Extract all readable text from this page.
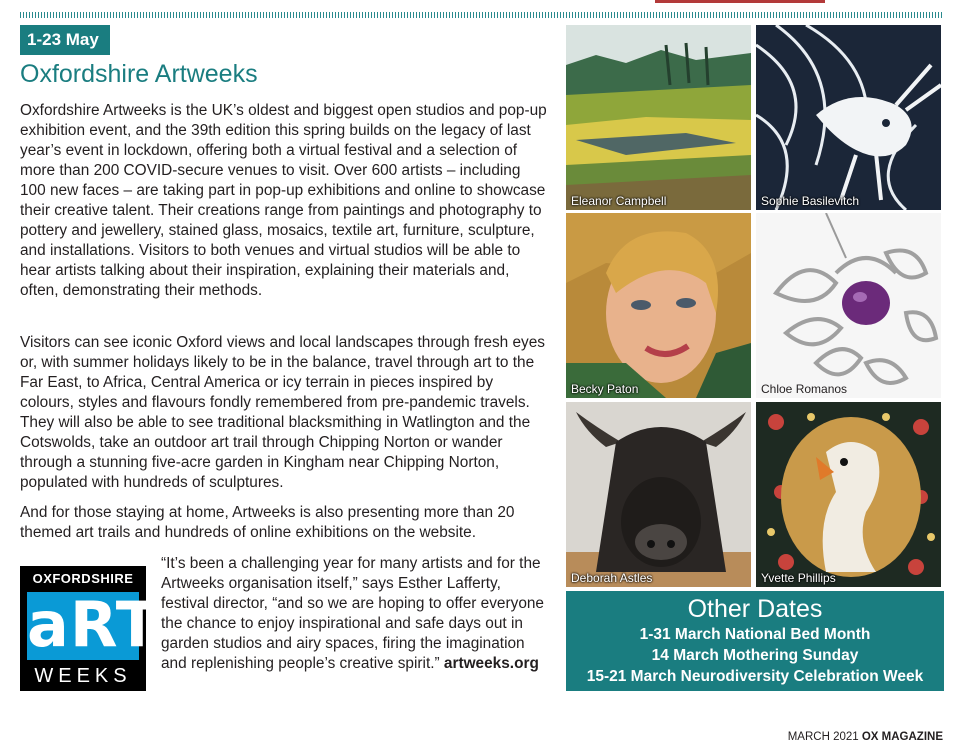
1-23 May
Oxfordshire Artweeks

Oxfordshire Artweeks is the UK’s oldest and biggest open studios and pop-up exhibition event, and the 39th edition this spring builds on the legacy of last year’s event in lockdown, offering both a virtual festival and a selection of more than 200 COVID-secure venues to visit. Over 600 artists – including 100 new faces – are taking part in pop-up exhibitions and online to showcase their creative talent. Their creations range from paintings and photography to pottery and jewellery, stained glass, mosaics, textile art, furniture, sculpture, and installations. Visitors to both venues and virtual studios will be able to hear artists talking about their inspiration, explaining their materials and, often, demonstrating their methods.

Visitors can see iconic Oxford views and local landscapes through fresh eyes or, with summer holidays likely to be in the balance, travel through art to the Far East, to Africa, Central America or icy terrain in pieces inspired by colours, styles and flavours fondly remembered from pre-pandemic travels. They will also be able to see traditional blacksmithing in Watlington and the Cotswolds, take an outdoor art trail through Chipping Norton or wander through a stunning five-acre garden in Kingham near Chipping Norton, populated with hundreds of sculptures.

And for those staying at home, Artweeks is also presenting more than 20 themed art trails and hundreds of online exhibitions on the website.

OXFORDSHIRE
aRT
WEEKS
“It’s been a challenging year for many artists and for the Artweeks organisation itself,” says Esther Lafferty, festival director, “and so we are hoping to offer everyone the chance to enjoy inspirational and safe days out in garden studios and airy spaces, firing the imagination and replenishing people’s creative spirit.” artweeks.org
Eleanor Campbell	Sophie Basilevitch
Becky Paton	Chloe Romanos
Deborah Astles	Yvette Phillips
Other Dates
1-31 March National Bed Month
14 March Mothering Sunday
15-21 March Neurodiversity Celebration Week
MARCH 2021 OX MAGAZINE
